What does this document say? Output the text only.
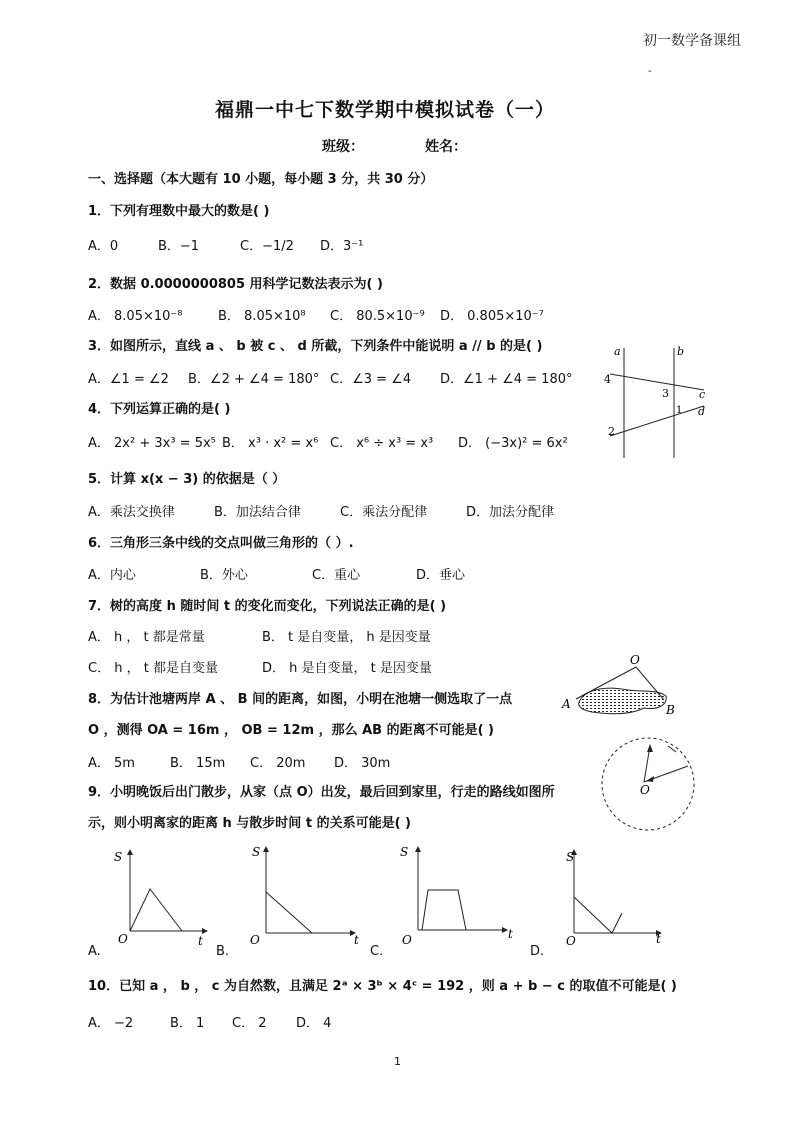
初一数学备课组
-
福鼎一中七下数学期中模拟试卷（一）
班级：	姓名：
一、选择题（本大题有 10 小题，每小题 3 分，共 30 分）
1．下列有理数中最大的数是( )
A．0	B．−1	C．−1/2 D．3⁻¹
2．数据 0.0000000805 用科学记数法表示为( )
A． 8.05×10⁻⁸	B． 8.05×10⁸ C． 80.5×10⁻⁹ D． 0.805×10⁻⁷
3．如图所示，直线 a 、 b 被 c 、 d 所截，下列条件中能说明 a // b 的是( )
A．∠1 = ∠2 B．∠2 + ∠4 = 180° C．∠3 = ∠4 D．∠1 + ∠4 = 180°
4．下列运算正确的是( )
A． 2x² + 3x³ = 5x⁵ B． x³ · x² = x⁶ C． x⁶ ÷ x³ = x³ D． (−3x)² = 6x²
5．计算 x(x − 3) 的依据是（ ）
A．乘法交换律	B．加法结合律	C．乘法分配律	D．加法分配律
6．三角形三条中线的交点叫做三角形的（ ）.
A．内心	B．外心	C．重心	D．垂心
7．树的高度 h 随时间 t 的变化而变化，下列说法正确的是( )
A． h ， t 都是常量	B． t 是自变量， h 是因变量
C． h ， t 都是自变量	D． h 是自变量， t 是因变量
8．为估计池塘两岸 A 、 B 间的距离，如图，小明在池塘一侧选取了一点
O ，测得 OA = 16m ， OB = 12m ，那么 AB 的距离不可能是( )
A． 5m	B． 15m C． 20m D． 30m
9．小明晚饭后出门散步，从家（点 O）出发，最后回到家里，行走的路线如图所
示，则小明离家的距离 h 与散步时间 t 的关系可能是( )
A.	B.	C.	D.
10．已知 a ， b ， c 为自然数，且满足 2ᵃ × 3ᵇ × 4ᶜ = 192 ，则 a + b − c 的取值不可能是( )
A． −2	B． 1 C． 2 D． 4
1
a	b
c
d
4
3
1
2
O
A	B
O
S
t
O
S
t
O
S
t
O
S
t
O
